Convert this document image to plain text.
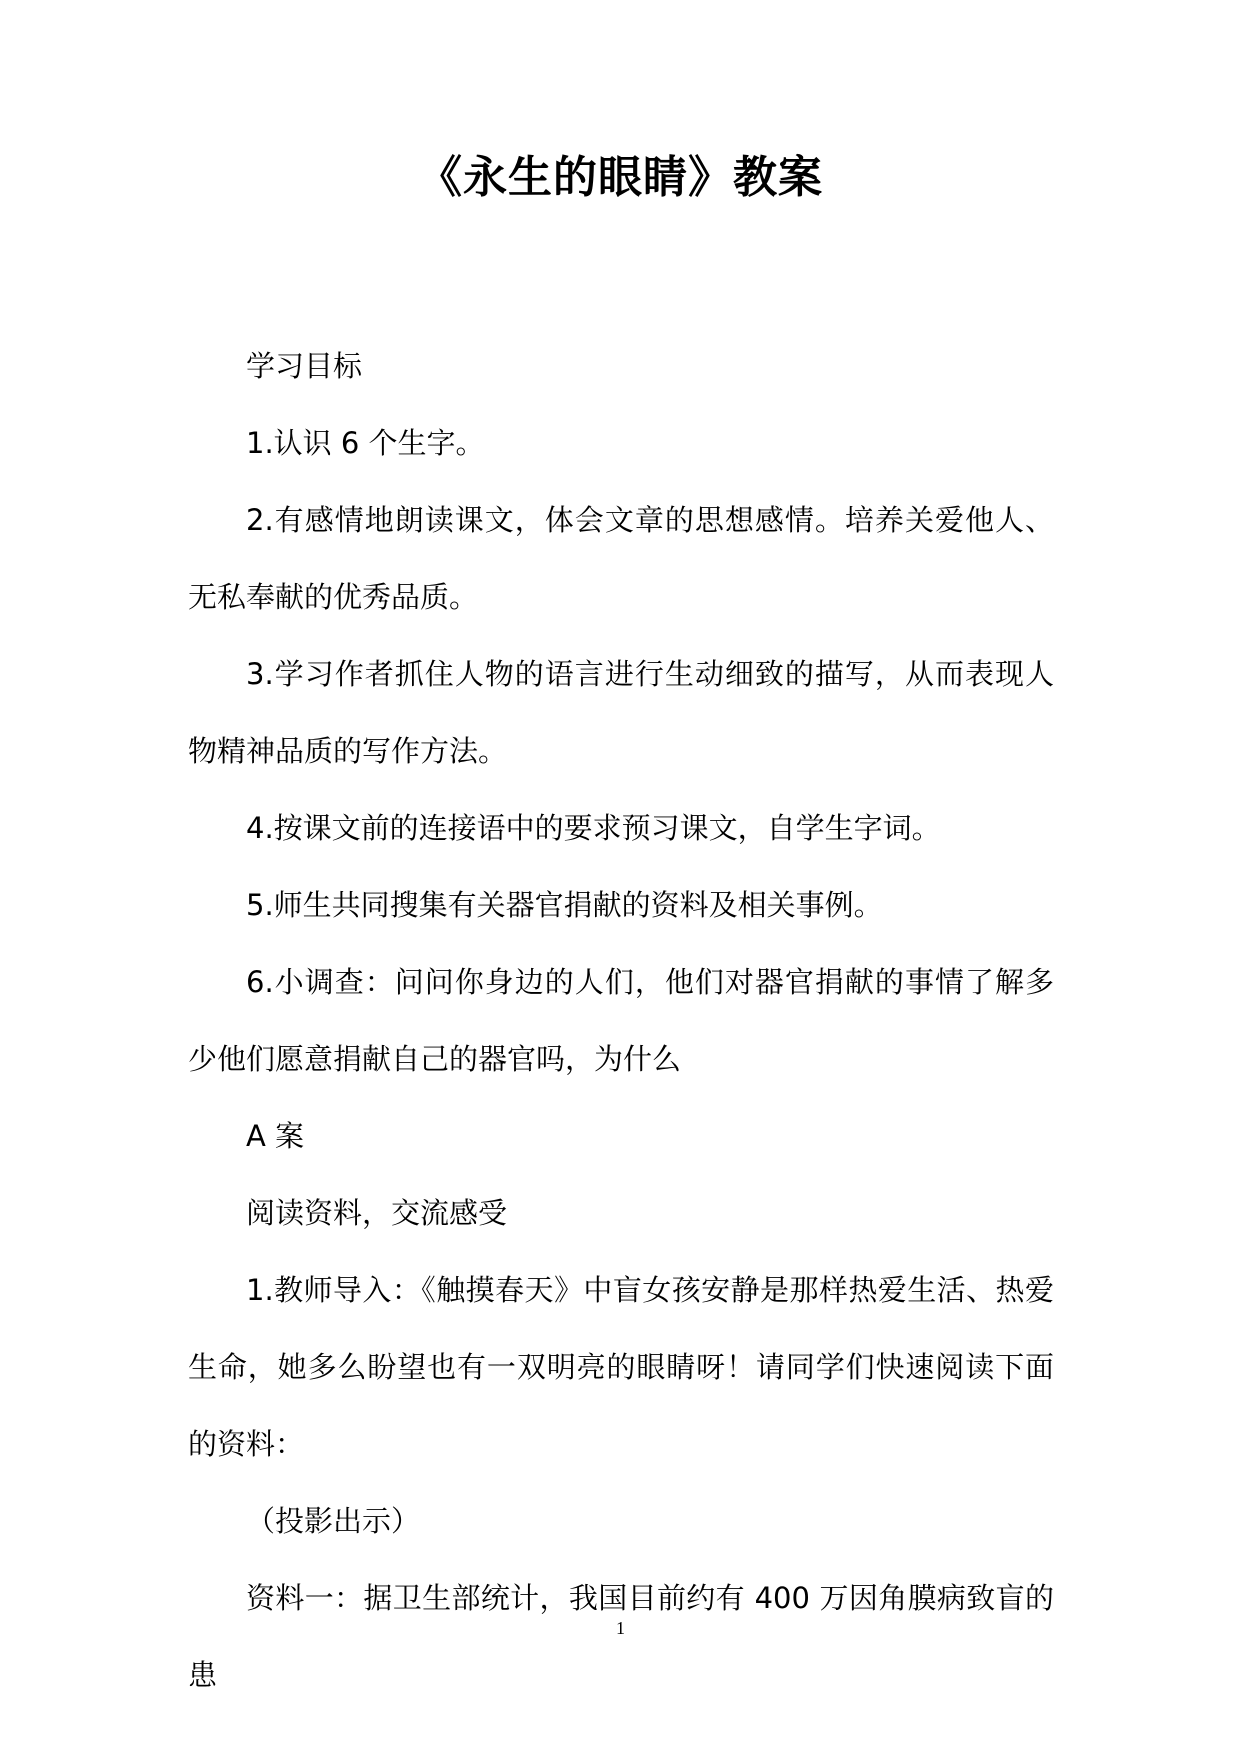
《永生的眼睛》教案

学习目标

1.认识 6 个生字。

2.有感情地朗读课文，体会文章的思想感情。培养关爱他人、无私奉献的优秀品质。

3.学习作者抓住人物的语言进行生动细致的描写，从而表现人物精神品质的写作方法。

4.按课文前的连接语中的要求预习课文，自学生字词。

5.师生共同搜集有关器官捐献的资料及相关事例。

6.小调查：问问你身边的人们，他们对器官捐献的事情了解多少他们愿意捐献自己的器官吗，为什么

A 案

阅读资料，交流感受

1.教师导入：《触摸春天》中盲女孩安静是那样热爱生活、热爱生命，她多么盼望也有一双明亮的眼睛呀！请同学们快速阅读下面的资料：

（投影出示）

资料一：据卫生部统计，我国目前约有 400 万因角膜病致盲的患

1
